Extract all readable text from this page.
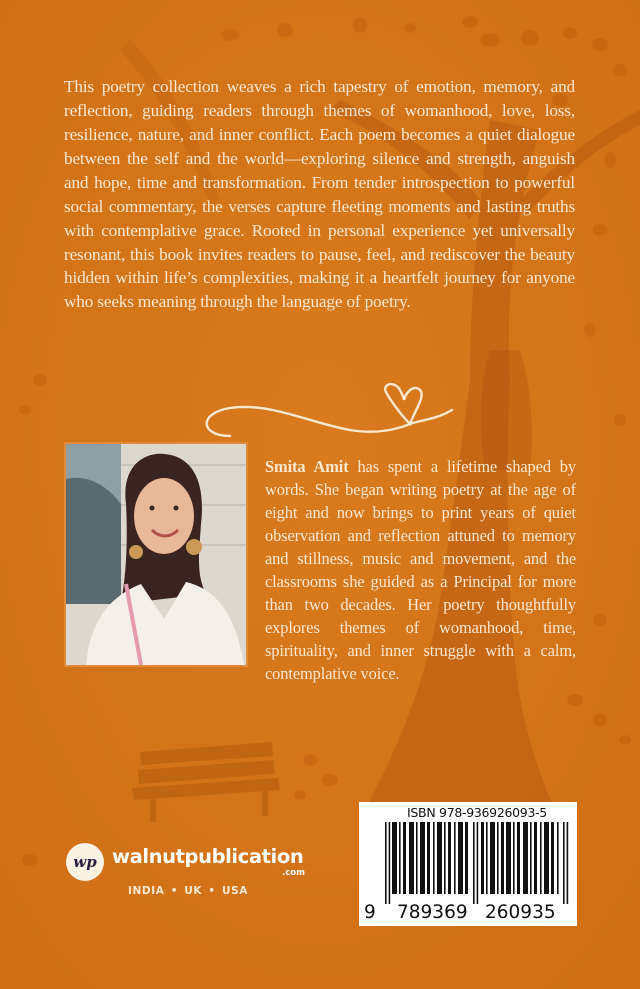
This poetry collection weaves a rich tapestry of emotion, memory, and reflection, guiding readers through themes of womanhood, love, loss, resilience, nature, and inner conflict. Each poem becomes a quiet dialogue between the self and the world—exploring silence and strength, anguish and hope, time and transformation. From tender introspection to powerful social commentary, the verses capture fleeting moments and lasting truths with contemplative grace. Rooted in personal experience yet universally resonant, this book invites readers to pause, feel, and rediscover the beauty hidden within life’s complexities, making it a heartfelt journey for anyone who seeks meaning through the language of poetry.

Smita Amit has spent a lifetime shaped by words. She began writing poetry at the age of eight and now brings to print years of quiet observation and reflection attuned to memory and stillness, music and movement, and the classrooms she guided as a Principal for more than two decades. Her poetry thoughtfully explores themes of womanhood, time, spirituality, and inner struggle with a calm, contemplative voice.

wp walnutpublication
.com
INDIA • UK • USA
ISBN 978-936926093-5
9 789369 260935
